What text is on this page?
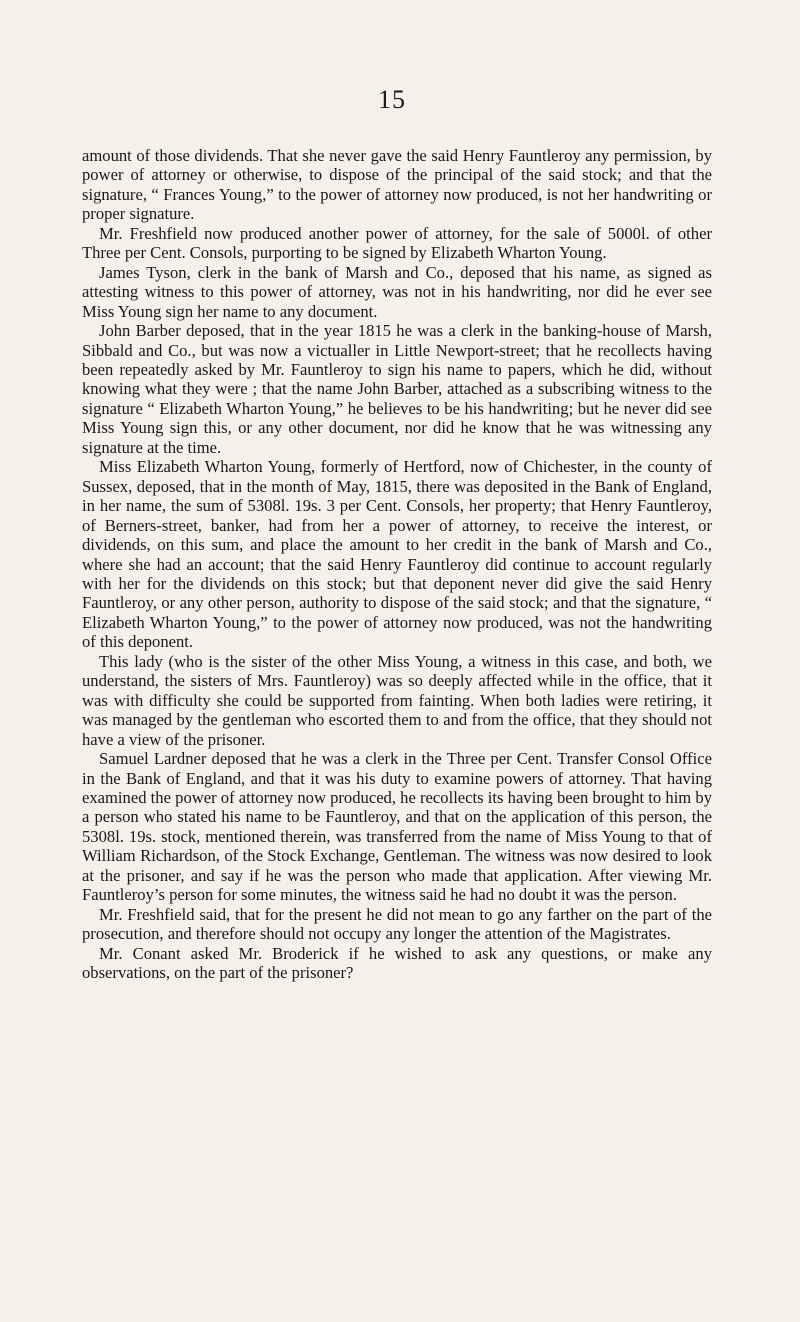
15

amount of those dividends. That she never gave the said Henry Fauntleroy any permission, by power of attorney or otherwise, to dispose of the principal of the said stock; and that the signature, “ Frances Young,” to the power of attorney now produced, is not her handwriting or proper signature.

Mr. Freshfield now produced another power of attorney, for the sale of 5000l. of other Three per Cent. Consols, purporting to be signed by Elizabeth Wharton Young.

James Tyson, clerk in the bank of Marsh and Co., deposed that his name, as signed as attesting witness to this power of attorney, was not in his handwriting, nor did he ever see Miss Young sign her name to any document.

John Barber deposed, that in the year 1815 he was a clerk in the banking-house of Marsh, Sibbald and Co., but was now a victualler in Little Newport-street; that he recollects having been repeatedly asked by Mr. Fauntleroy to sign his name to papers, which he did, without knowing what they were ; that the name John Barber, attached as a subscribing witness to the signature “ Elizabeth Wharton Young,” he believes to be his handwriting; but he never did see Miss Young sign this, or any other document, nor did he know that he was witnessing any signature at the time.

Miss Elizabeth Wharton Young, formerly of Hertford, now of Chichester, in the county of Sussex, deposed, that in the month of May, 1815, there was deposited in the Bank of England, in her name, the sum of 5308l. 19s. 3 per Cent. Consols, her property; that Henry Fauntleroy, of Berners-street, banker, had from her a power of attorney, to receive the interest, or dividends, on this sum, and place the amount to her credit in the bank of Marsh and Co., where she had an account; that the said Henry Fauntleroy did continue to account regularly with her for the dividends on this stock; but that deponent never did give the said Henry Fauntleroy, or any other person, authority to dispose of the said stock; and that the signature, “ Elizabeth Wharton Young,” to the power of attorney now produced, was not the handwriting of this deponent.

This lady (who is the sister of the other Miss Young, a witness in this case, and both, we understand, the sisters of Mrs. Fauntleroy) was so deeply affected while in the office, that it was with difficulty she could be supported from fainting. When both ladies were retiring, it was managed by the gentleman who escorted them to and from the office, that they should not have a view of the prisoner.

Samuel Lardner deposed that he was a clerk in the Three per Cent. Transfer Consol Office in the Bank of England, and that it was his duty to examine powers of attorney. That having examined the power of attorney now produced, he recollects its having been brought to him by a person who stated his name to be Fauntleroy, and that on the application of this person, the 5308l. 19s. stock, mentioned therein, was transferred from the name of Miss Young to that of William Richardson, of the Stock Exchange, Gentleman. The witness was now desired to look at the prisoner, and say if he was the person who made that application. After viewing Mr. Fauntleroy’s person for some minutes, the witness said he had no doubt it was the person.

Mr. Freshfield said, that for the present he did not mean to go any farther on the part of the prosecution, and therefore should not occupy any longer the attention of the Magistrates.

Mr. Conant asked Mr. Broderick if he wished to ask any questions, or make any observations, on the part of the prisoner?
